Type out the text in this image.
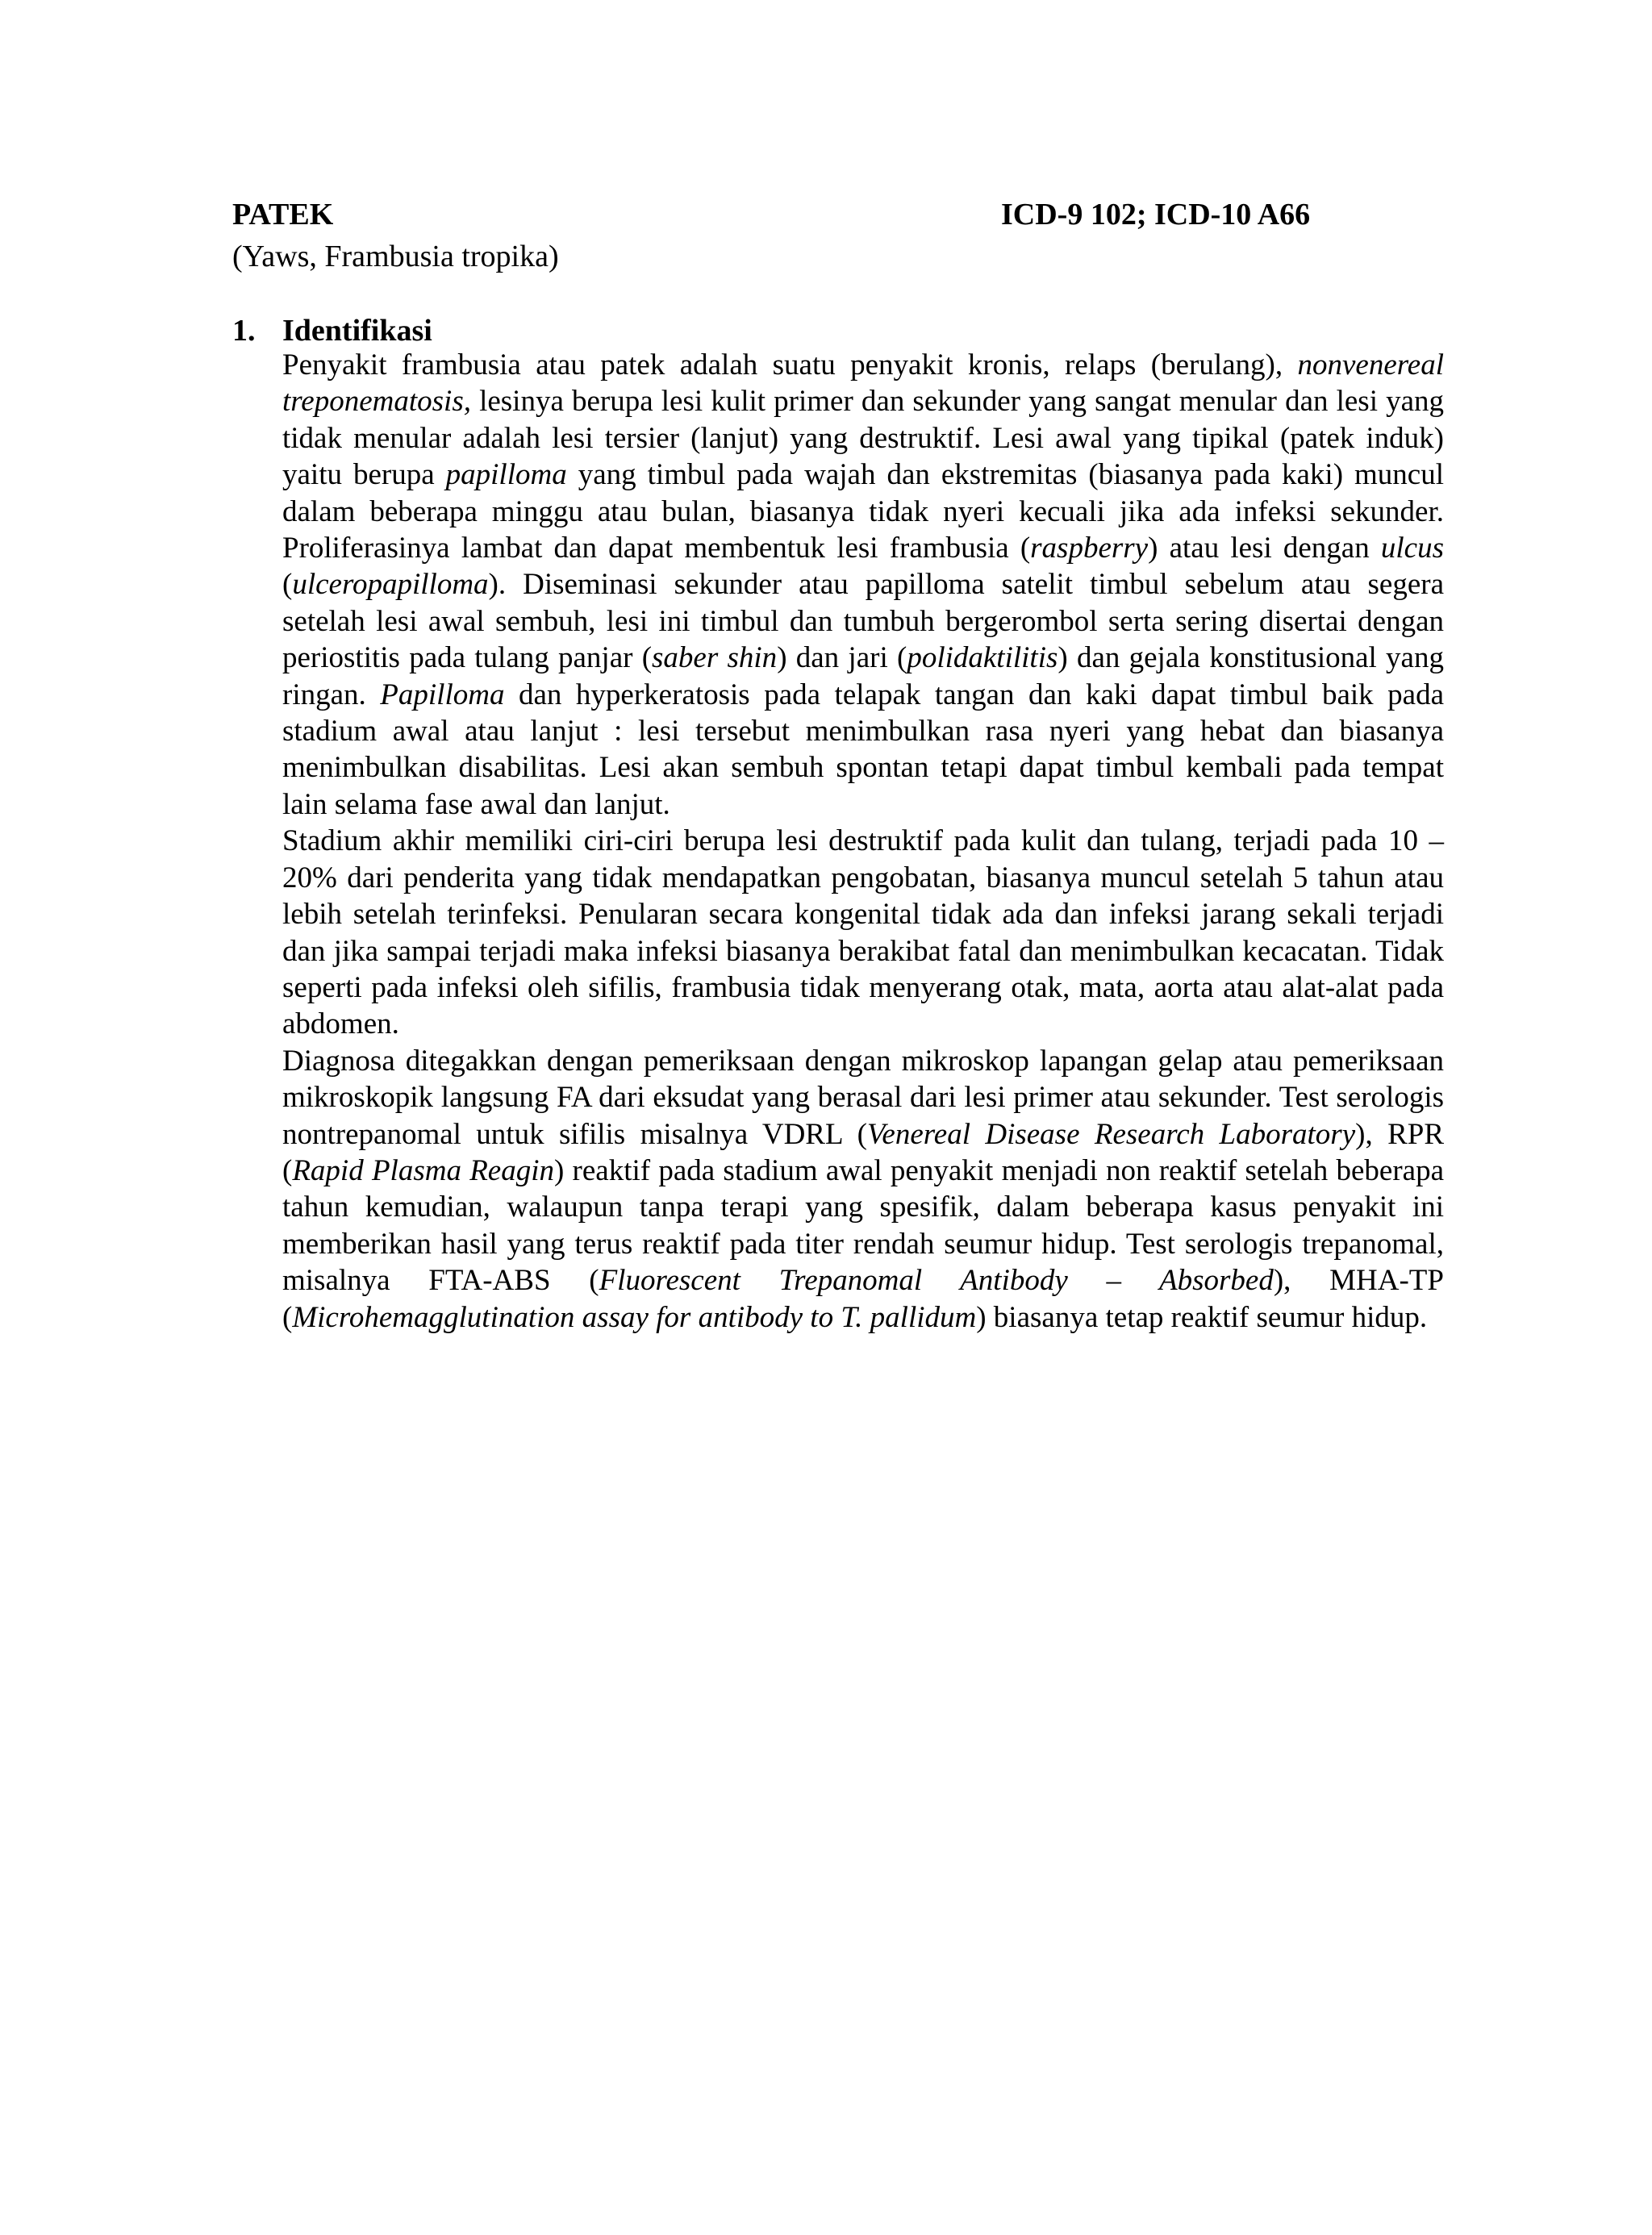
PATEK	ICD-9 102; ICD-10 A66
(Yaws, Frambusia tropika)
1. Identifikasi

Penyakit frambusia atau patek adalah suatu penyakit kronis, relaps (berulang), nonvenereal treponematosis, lesinya berupa lesi kulit primer dan sekunder yang sangat menular dan lesi yang tidak menular adalah lesi tersier (lanjut) yang destruktif. Lesi awal yang tipikal (patek induk) yaitu berupa papilloma yang timbul pada wajah dan ekstremitas (biasanya pada kaki) muncul dalam beberapa minggu atau bulan, biasanya tidak nyeri kecuali jika ada infeksi sekunder. Proliferasinya lambat dan dapat membentuk lesi frambusia (raspberry) atau lesi dengan ulcus (ulceropapilloma). Diseminasi sekunder atau papilloma satelit timbul sebelum atau segera setelah lesi awal sembuh, lesi ini timbul dan tumbuh bergerombol serta sering disertai dengan periostitis pada tulang panjar (saber shin) dan jari (polidaktilitis) dan gejala konstitusional yang ringan. Papilloma dan hyperkeratosis pada telapak tangan dan kaki dapat timbul baik pada stadium awal atau lanjut : lesi tersebut menimbulkan rasa nyeri yang hebat dan biasanya menimbulkan disabilitas. Lesi akan sembuh spontan tetapi dapat timbul kembali pada tempat lain selama fase awal dan lanjut.

Stadium akhir memiliki ciri-ciri berupa lesi destruktif pada kulit dan tulang, terjadi pada 10 – 20% dari penderita yang tidak mendapatkan pengobatan, biasanya muncul setelah 5 tahun atau lebih setelah terinfeksi. Penularan secara kongenital tidak ada dan infeksi jarang sekali terjadi dan jika sampai terjadi maka infeksi biasanya berakibat fatal dan menimbulkan kecacatan. Tidak seperti pada infeksi oleh sifilis, frambusia tidak menyerang otak, mata, aorta atau alat-alat pada abdomen.

Diagnosa ditegakkan dengan pemeriksaan dengan mikroskop lapangan gelap atau pemeriksaan mikroskopik langsung FA dari eksudat yang berasal dari lesi primer atau sekunder. Test serologis nontrepanomal untuk sifilis misalnya VDRL (Venereal Disease Research Laboratory), RPR (Rapid Plasma Reagin) reaktif pada stadium awal penyakit menjadi non reaktif setelah beberapa tahun kemudian, walaupun tanpa terapi yang spesifik, dalam beberapa kasus penyakit ini memberikan hasil yang terus reaktif pada titer rendah seumur hidup. Test serologis trepanomal, misalnya FTA-ABS (Fluorescent Trepanomal Antibody – Absorbed), MHA-TP (Microhemagglutination assay for antibody to T. pallidum) biasanya tetap reaktif seumur hidup.
